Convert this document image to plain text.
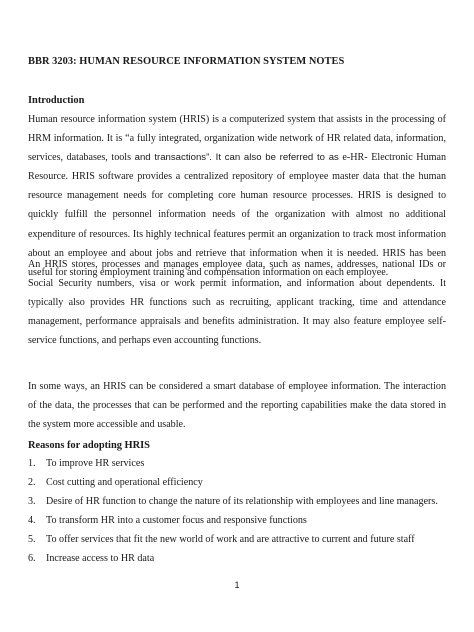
BBR 3203: HUMAN RESOURCE INFORMATION SYSTEM NOTES
Introduction

Human resource information system (HRIS) is a computerized system that assists in the processing of HRM information. It is “a fully integrated, organization wide network of HR related data, information, services, databases, tools and transactions”. It can also be referred to as e-HR- Electronic Human Resource. HRIS software provides a centralized repository of employee master data that the human resource management needs for completing core human resource processes. HRIS is designed to quickly fulfill the personnel information needs of the organization with almost no additional expenditure of resources. Its highly technical features permit an organization to track most information about an employee and about jobs and retrieve that information when it is needed. HRIS has been useful for storing employment training and compensation information on each employee.

An HRIS stores, processes and manages employee data, such as names, addresses, national IDs or Social Security numbers, visa or work permit information, and information about dependents. It typically also provides HR functions such as recruiting, applicant tracking, time and attendance management, performance appraisals and benefits administration. It may also feature employee self-service functions, and perhaps even accounting functions.

In some ways, an HRIS can be considered a smart database of employee information. The interaction of the data, the processes that can be performed and the reporting capabilities make the data stored in the system more accessible and usable.

Reasons for adopting HRIS
1.	To improve HR services
2.	Cost cutting and operational efficiency
3.	Desire of HR function to change the nature of its relationship with employees and line managers.
4.	To transform HR into a customer focus and responsive functions
5.	To offer services that fit the new world of work and are attractive to current and future staff
6.	Increase access to HR data
1
